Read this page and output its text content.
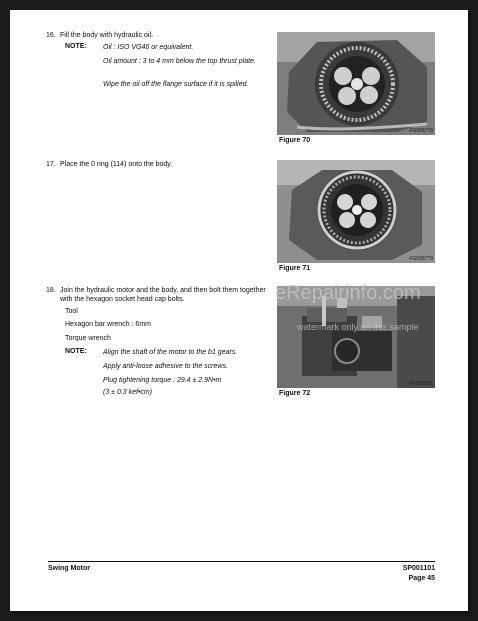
16. Fill the body with hydraulic oil.
NOTE: Oil : ISO VG46 or equivalent.
Oil amount : 3 to 4 mm below the top thrust plate.
Wipe the oil off the flange surface if it is spilled.
FG008778
Figure 70
17. Place the 0 ring (114) onto the body.
FG008779
Figure 71
18. Join the hydraulic motor and the body, and then bolt them together with the hexagon socket head cap bolts.
Tool
Hexagon bar wrench : 6mm
Torque wrench
NOTE: Align the shaft of the motor to the b1 gears.
Apply anti-loose adhesive to the screws.
Plug tightening torque : 29.4 ± 2.9N•m
(3 ± 0.3 kef•cm)
FG008781
Figure 72
eRepairinfo.com
watermark only on this sample
Swing Motor	SP001101
Page 45
